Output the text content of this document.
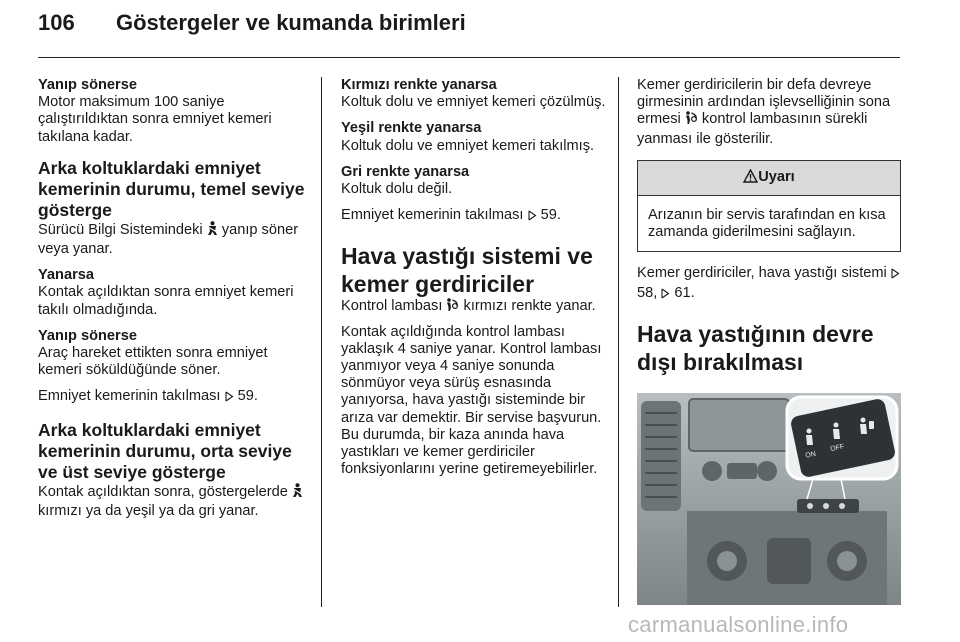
106 Göstergeler ve kumanda birimleri

Yanıp sönerse

Motor maksimum 100 saniye çalıştırıldıktan sonra emniyet kemeri takılana kadar.

Arka koltuklardaki emniyet kemerinin durumu, temel seviye gösterge

Sürücü Bilgi Sistemindeki yanıp söner veya yanar.

Yanarsa

Kontak açıldıktan sonra emniyet kemeri takılı olmadığında.

Yanıp sönerse

Araç hareket ettikten sonra emniyet kemeri söküldüğünde söner.

Emniyet kemerinin takılması 59.

Arka koltuklardaki emniyet kemerinin durumu, orta seviye ve üst seviye gösterge

Kontak açıldıktan sonra, göstergelerde  kırmızı ya da yeşil ya da gri yanar.

Kırmızı renkte yanarsa

Koltuk dolu ve emniyet kemeri çözülmüş.

Yeşil renkte yanarsa

Koltuk dolu ve emniyet kemeri takılmış.

Gri renkte yanarsa

Koltuk dolu değil.

Emniyet kemerinin takılması 59.

Hava yastığı sistemi ve kemer gerdiriciler

Kontrol lambası kırmızı renkte yanar.

Kontak açıldığında kontrol lambası yaklaşık 4 saniye yanar. Kontrol lambası yanmıyor veya 4 saniye sonunda sönmüyor veya sürüş esnasında yanıyorsa, hava yastığı sisteminde bir arıza var demektir. Bir servise başvurun. Bu durumda, bir kaza anında hava yastıkları ve kemer gerdiriciler fonksiyonlarını yerine getiremeyebilirler.

Kemer gerdiricilerin bir defa devreye girmesinin ardından işlevselliğinin sona ermesi kontrol lambasının sürekli yanması ile gösterilir.

Uyarı
Arızanın bir servis tarafından en kısa zamanda giderilmesini sağlayın.

Kemer gerdiriciler, hava yastığı sistemi  58, 61.

Hava yastığının devre dışı bırakılması

ON
OFF
carmanualsonline.info
